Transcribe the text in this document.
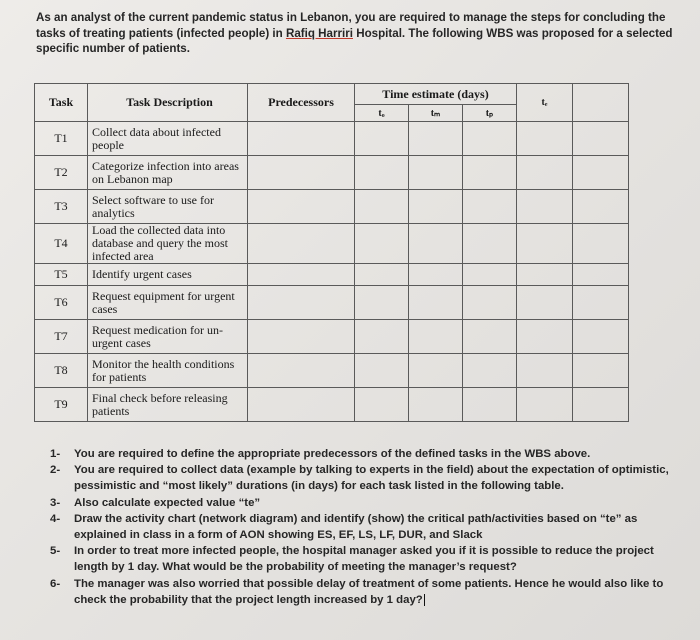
As an analyst of the current pandemic status in Lebanon, you are required to manage the steps for concluding the
tasks of treating patients (infected people) in Rafiq Harriri Hospital. The following WBS was proposed for a selected
specific number of patients.
Task	Task Description	Predecessors	Time estimate (days)			tₑ	
			tₒ	tₘ	tₚ		
T1	Collect data about infected people						
T2	Categorize infection into areas on Lebanon map						
T3	Select software to use for analytics						
T4	Load the collected data into database and query the most infected area						
T5	Identify urgent cases						
T6	Request equipment for urgent cases						
T7	Request medication for un-urgent cases						
T8	Monitor the health conditions for patients						
T9	Final check before releasing patients						
1-	You are required to define the appropriate predecessors of the defined tasks in the WBS above.
2-	You are required to collect data (example by talking to experts in the field) about the expectation of optimistic, pessimistic and “most likely” durations (in days) for each task listed in the following table.
3-	Also calculate expected value “te”
4-	Draw the activity chart (network diagram) and identify (show) the critical path/activities based on “te” as explained in class in a form of AON showing ES, EF, LS, LF, DUR, and Slack
5-	In order to treat more infected people, the hospital manager asked you if it is possible to reduce the project length by 1 day. What would be the probability of meeting the manager’s request?
6-	The manager was also worried that possible delay of treatment of some patients. Hence he would also like to check the probability that the project length increased by 1 day?
